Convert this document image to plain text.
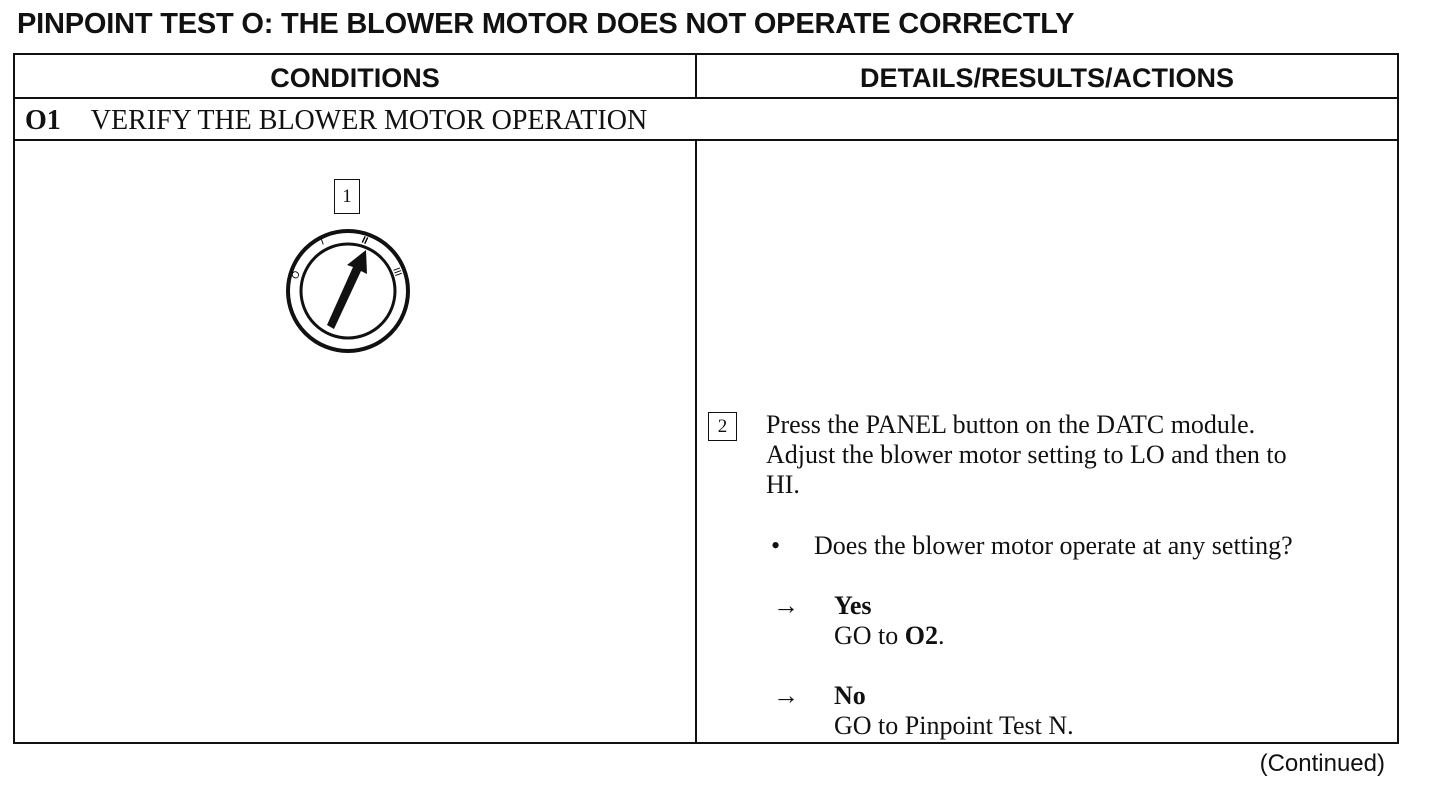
PINPOINT TEST O: THE BLOWER MOTOR DOES NOT OPERATE CORRECTLY
CONDITIONS	DETAILS/RESULTS/ACTIONS
O1 VERIFY THE BLOWER MOTOR OPERATION
1
O
I	II
III
2	Press the PANEL button on the DATC module.
Adjust the blower motor setting to LO and then to
HI.
• Does the blower motor operate at any setting?
→ Yes
GO to O2.
→ No
GO to Pinpoint Test N.
(Continued)
